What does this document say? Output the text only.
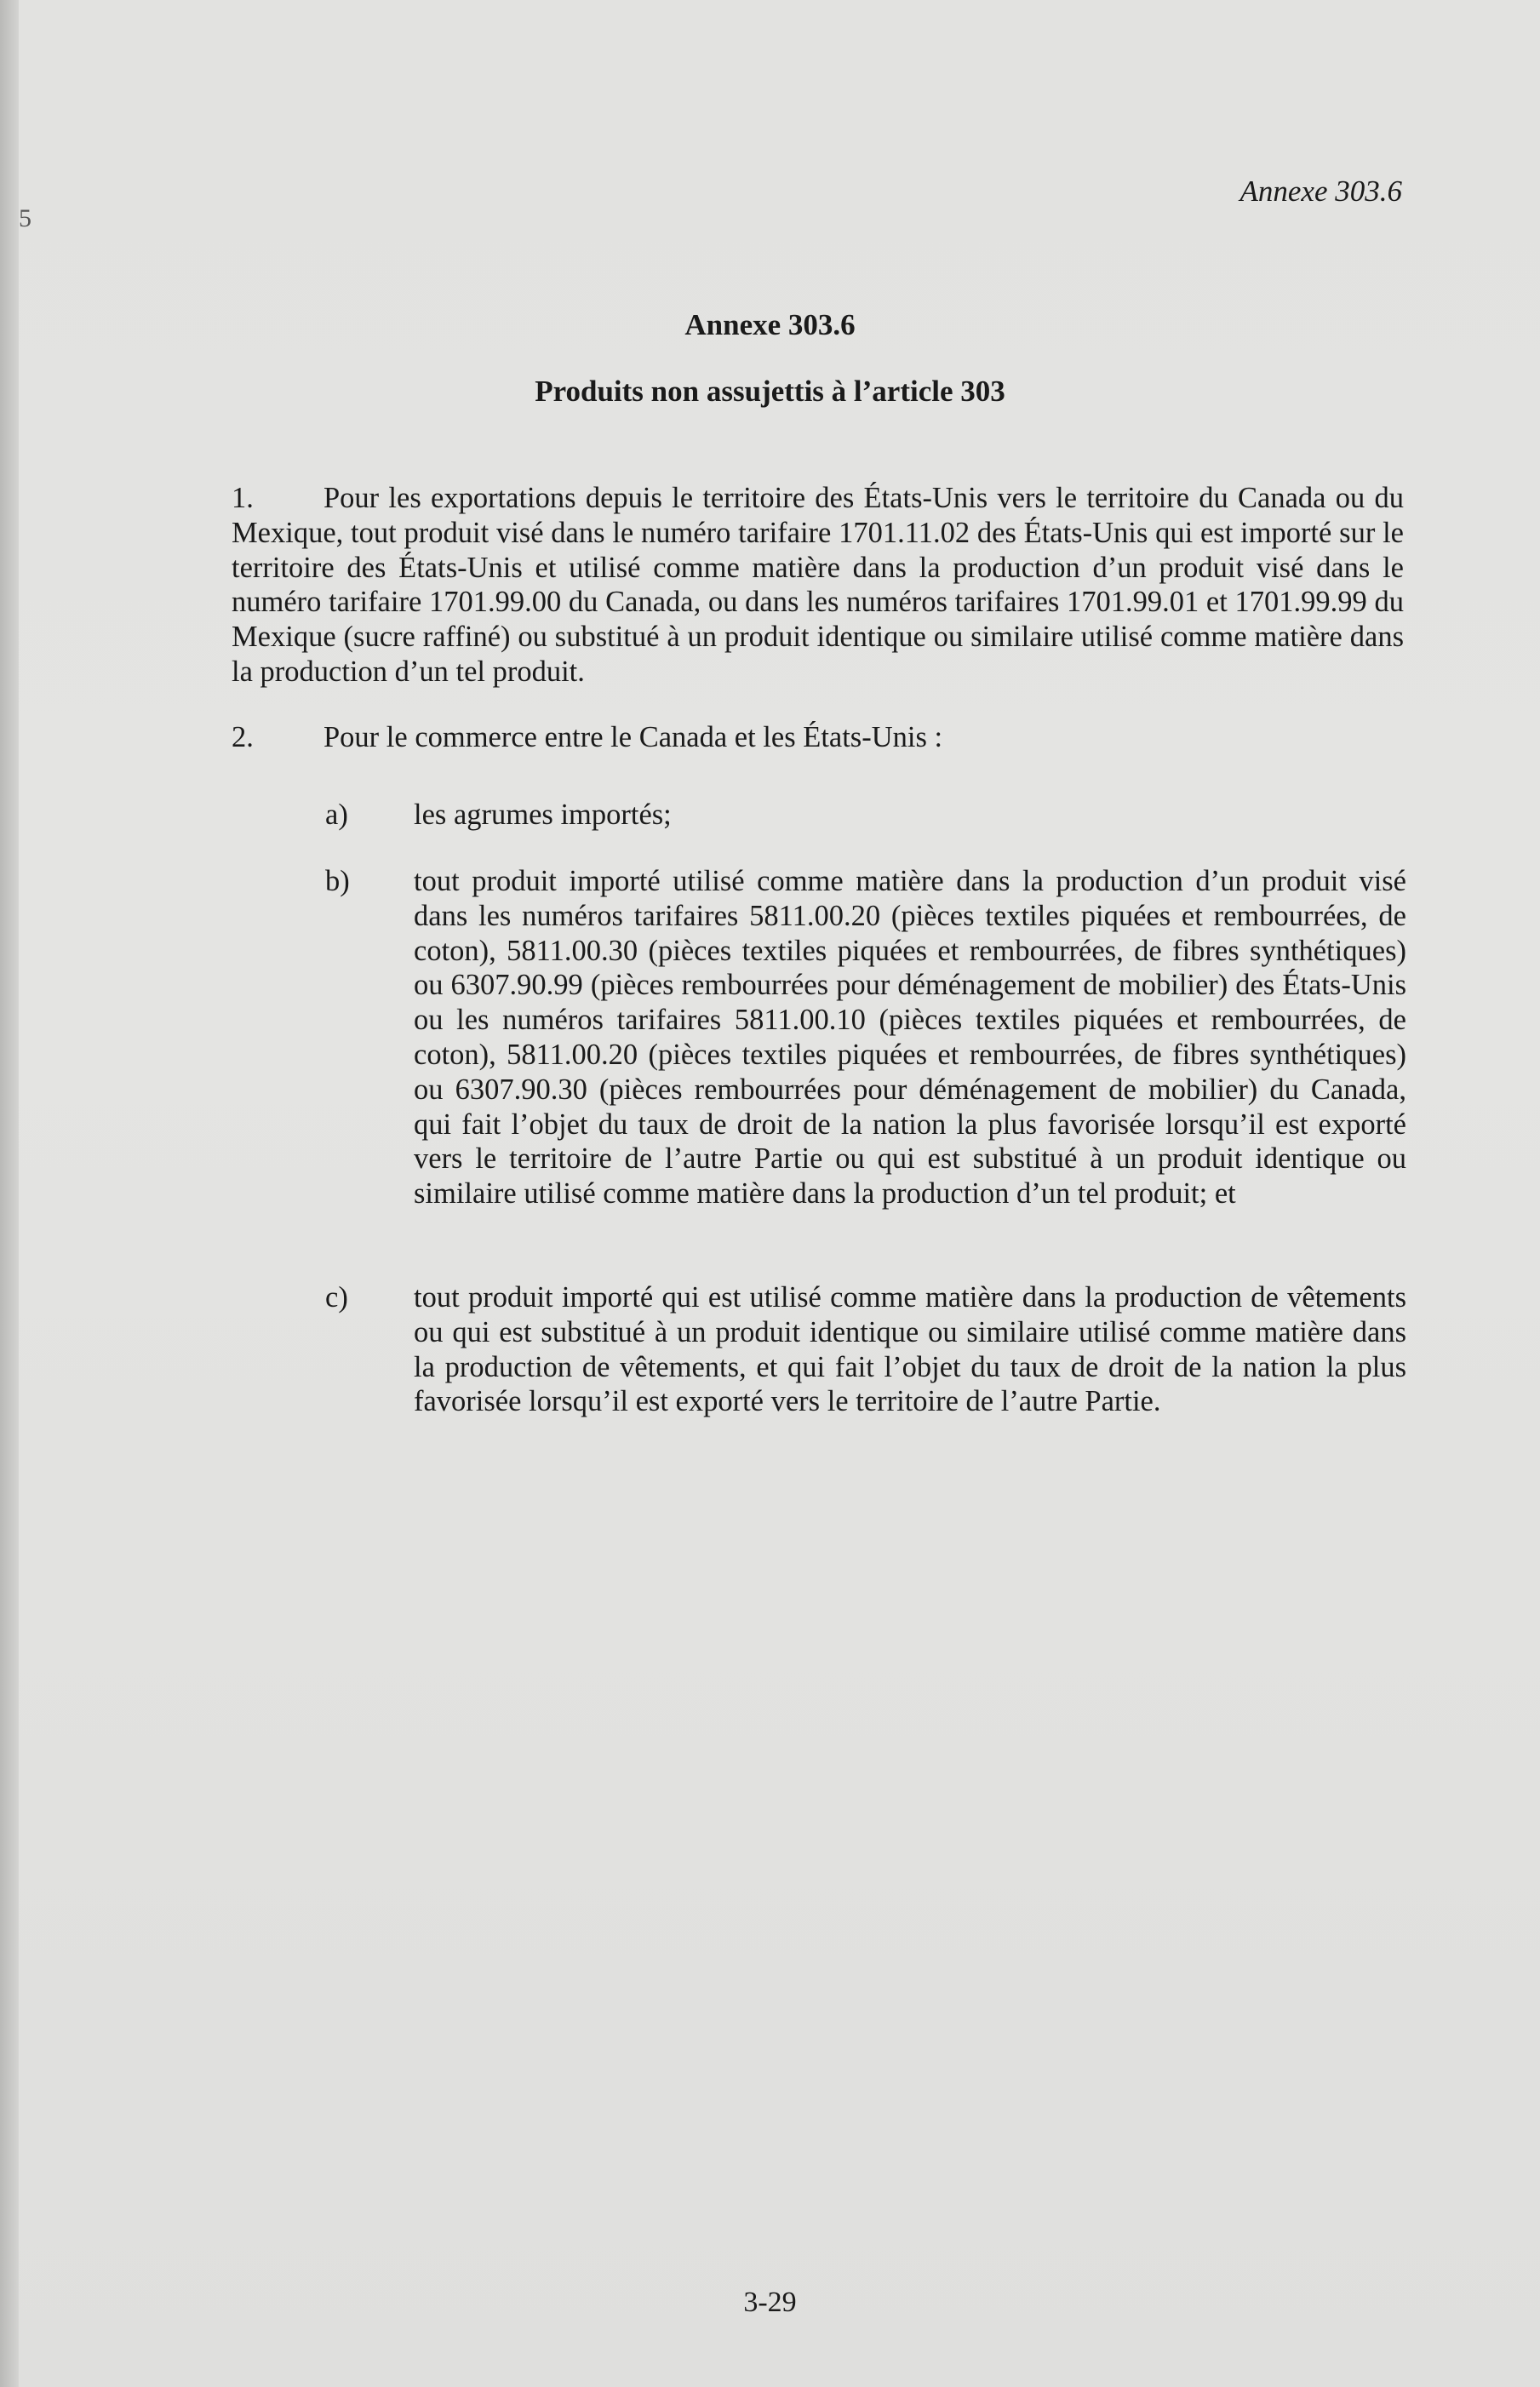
5
Annexe 303.6
Annexe 303.6
Produits non assujettis à l’article 303
1. Pour les exportations depuis le territoire des États-Unis vers le territoire du Canada ou du Mexique, tout produit visé dans le numéro tarifaire 1701.11.02 des États-Unis qui est importé sur le territoire des États-Unis et utilisé comme matière dans la production d’un produit visé dans le numéro tarifaire 1701.99.00 du Canada, ou dans les numéros tarifaires 1701.99.01 et 1701.99.99 du Mexique (sucre raffiné) ou substitué à un produit identique ou similaire utilisé comme matière dans la production d’un tel produit.
2. Pour le commerce entre le Canada et les États-Unis :
a)	les agrumes importés;
b)	tout produit importé utilisé comme matière dans la production d’un produit visé dans les numéros tarifaires 5811.00.20 (pièces textiles piquées et rembourrées, de coton), 5811.00.30 (pièces textiles piquées et rembourrées, de fibres synthétiques) ou 6307.90.99 (pièces rembourrées pour déménagement de mobilier) des États-Unis ou les numéros tarifaires 5811.00.10 (pièces textiles piquées et rembourrées, de coton), 5811.00.20 (pièces textiles piquées et rembourrées, de fibres synthétiques) ou 6307.90.30 (pièces rembourrées pour déménagement de mobilier) du Canada, qui fait l’objet du taux de droit de la nation la plus favorisée lorsqu’il est exporté vers le territoire de l’autre Partie ou qui est substitué à un produit identique ou similaire utilisé comme matière dans la production d’un tel produit; et
c)	tout produit importé qui est utilisé comme matière dans la production de vêtements ou qui est substitué à un produit identique ou similaire utilisé comme matière dans la production de vêtements, et qui fait l’objet du taux de droit de la nation la plus favorisée lorsqu’il est exporté vers le territoire de l’autre Partie.
3-29
